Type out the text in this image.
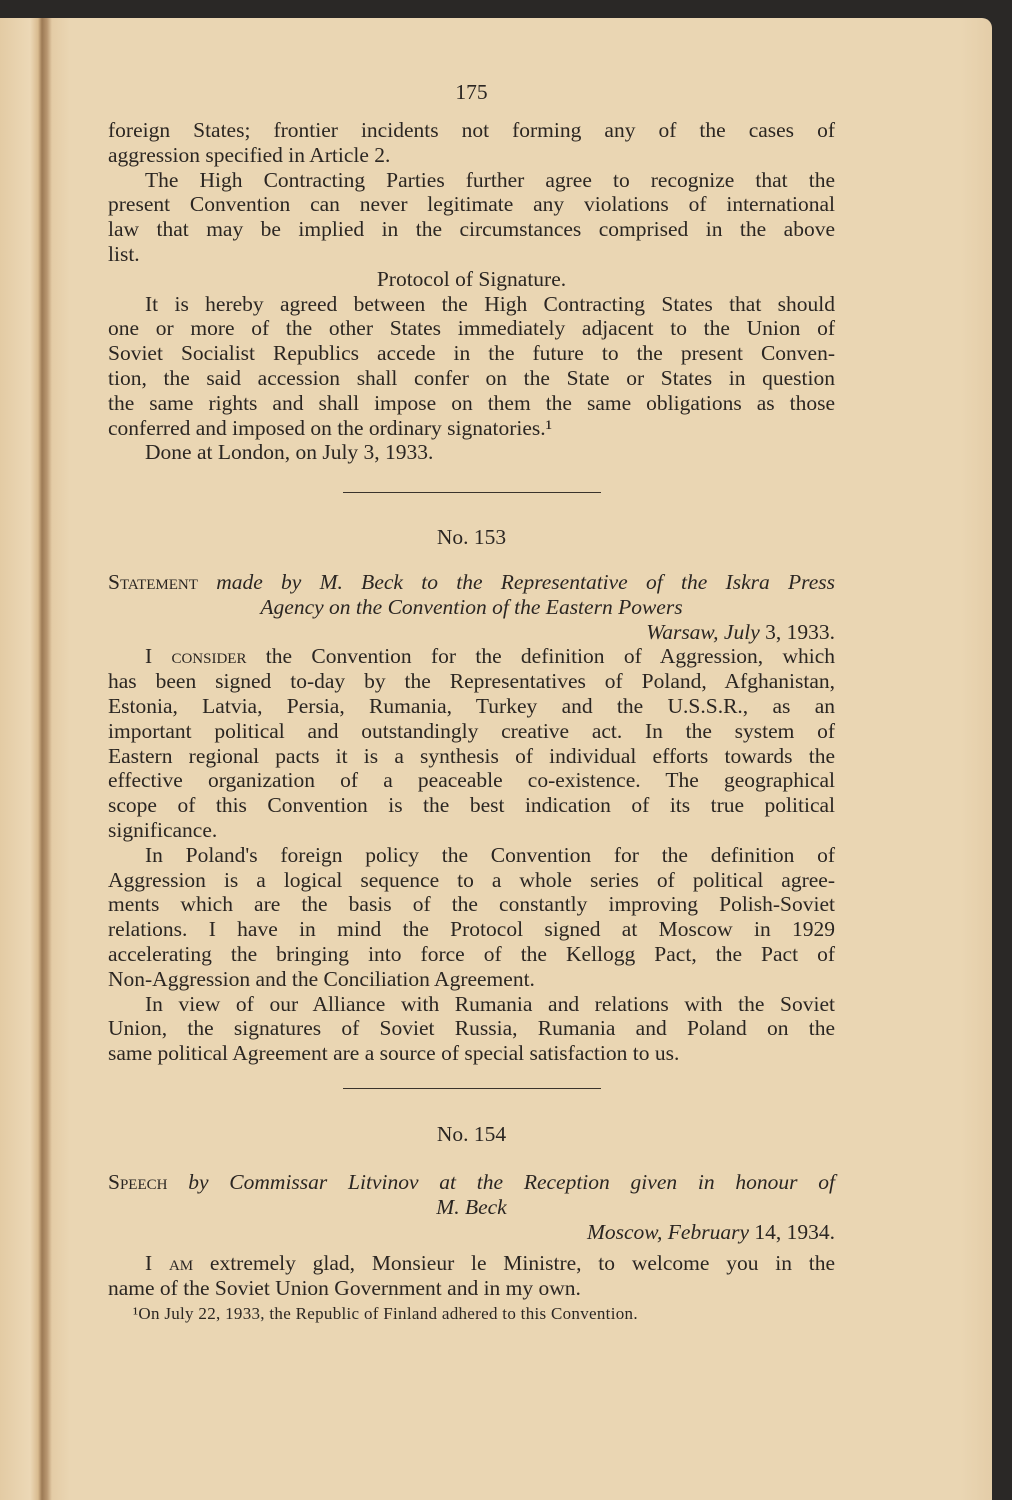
175
foreign States; frontier incidents not forming any of the cases of
aggression specified in Article 2.
The High Contracting Parties further agree to recognize that the
present Convention can never legitimate any violations of international
law that may be implied in the circumstances comprised in the above
list.
Protocol of Signature.
It is hereby agreed between the High Contracting States that should
one or more of the other States immediately adjacent to the Union of
Soviet Socialist Republics accede in the future to the present Conven-
tion, the said accession shall confer on the State or States in question
the same rights and shall impose on them the same obligations as those
conferred and imposed on the ordinary signatories.¹
Done at London, on July 3, 1933.
No. 153
Statement made by M. Beck to the Representative of the Iskra Press
Agency on the Convention of the Eastern Powers
Warsaw, July 3, 1933.
I consider the Convention for the definition of Aggression, which
has been signed to-day by the Representatives of Poland, Afghanistan,
Estonia, Latvia, Persia, Rumania, Turkey and the U.S.S.R., as an
important political and outstandingly creative act. In the system of
Eastern regional pacts it is a synthesis of individual efforts towards the
effective organization of a peaceable co-existence. The geographical
scope of this Convention is the best indication of its true political
significance.
In Poland's foreign policy the Convention for the definition of
Aggression is a logical sequence to a whole series of political agree-
ments which are the basis of the constantly improving Polish-Soviet
relations. I have in mind the Protocol signed at Moscow in 1929
accelerating the bringing into force of the Kellogg Pact, the Pact of
Non-Aggression and the Conciliation Agreement.
In view of our Alliance with Rumania and relations with the Soviet
Union, the signatures of Soviet Russia, Rumania and Poland on the
same political Agreement are a source of special satisfaction to us.
No. 154
Speech by Commissar Litvinov at the Reception given in honour of
M. Beck
Moscow, February 14, 1934.
I am extremely glad, Monsieur le Ministre, to welcome you in the
name of the Soviet Union Government and in my own.
¹On July 22, 1933, the Republic of Finland adhered to this Convention.
